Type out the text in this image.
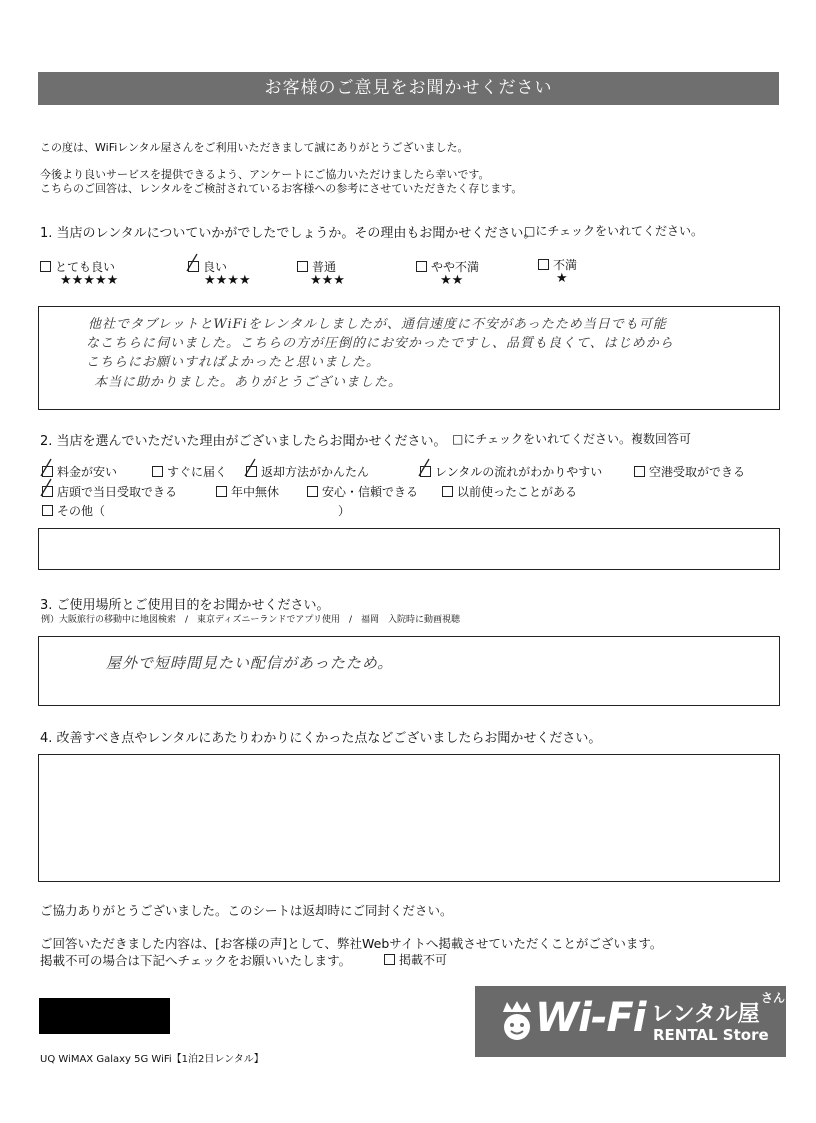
お客様のご意見をお聞かせください
この度は、WiFiレンタル屋さんをご利用いただきまして誠にありがとうございました。
今後より良いサービスを提供できるよう、アンケートにご協力いただけましたら幸いです。
こちらのご回答は、レンタルをご検討されているお客様への参考にさせていただきたく存じます。
1. 当店のレンタルについていかがでしたでしょうか。その理由もお聞かせください。
□にチェックをいれてください。
とても良い
★★★★★
良い
★★★★
普通
★★★
やや不満
★★
不満
★
他社でタブレットとWiFiをレンタルしましたが、通信速度に不安があったため当日でも可能
なこちらに伺いました。こちらの方が圧倒的にお安かったですし、品質も良くて、はじめから
こちらにお願いすればよかったと思いました。
本当に助かりました。ありがとうございました。
2. 当店を選んでいただいた理由がございましたらお聞かせください。 □にチェックをいれてください。複数回答可
料金が安い	すぐに届く	返却方法がかんたん	レンタルの流れがわかりやすい	空港受取ができる
店頭で当日受取できる	年中無休	安心・信頼できる	以前使ったことがある
その他（	）
3. ご使用場所とご使用目的をお聞かせください。
例）大阪旅行の移動中に地図検索　/　東京ディズニーランドでアプリ使用　/　福岡　入院時に動画視聴
屋外で短時間見たい配信があったため。
4. 改善すべき点やレンタルにあたりわかりにくかった点などございましたらお聞かせください。
ご協力ありがとうございました。このシートは返却時にご同封ください。
ご回答いただきました内容は、[お客様の声]として、弊社Webサイトへ掲載させていただくことがございます。
掲載不可の場合は下記へチェックをお願いいたします。	掲載不可
UQ WiMAX Galaxy 5G WiFi【1泊2日レンタル】
Wi-Fi レンタル屋
さん
RENTAL Store
